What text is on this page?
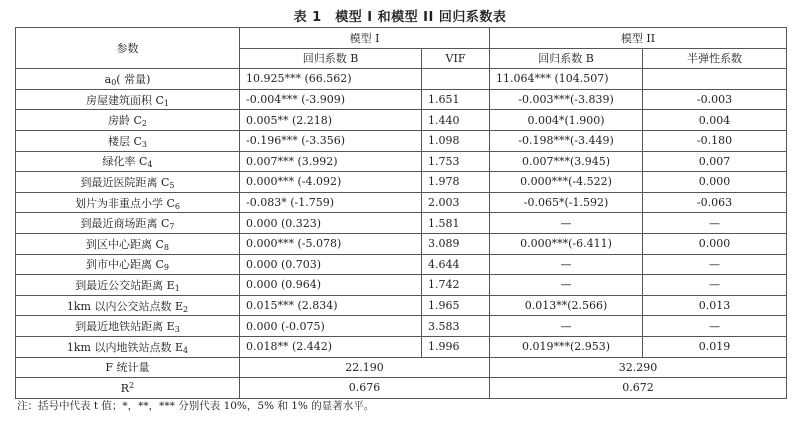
表 1　模型 I 和模型 II 回归系数表
参数	模型 I		模型 II	
	回归系数 B	VIF	回归系数 B	半弹性系数
$a_0$( 常量)	10.925*** (66.562)		11.064*** (104.507)	
房屋建筑面积 $C_1$	-0.004*** (-3.909)	1.651	-0.003***(-3.839)	-0.003
房龄 $C_2$	0.005** (2.218)	1.440	0.004*(1.900)	0.004
楼层 $C_3$	-0.196*** (-3.356)	1.098	-0.198***(-3.449)	-0.180
绿化率 $C_4$	0.007*** (3.992)	1.753	0.007***(3.945)	0.007
到最近医院距离 $C_5$	0.000*** (-4.092)	1.978	0.000***(-4.522)	0.000
划片为非重点小学 $C_6$	-0.083* (-1.759)	2.003	-0.065*(-1.592)	-0.063
到最近商场距离 $C_7$	0.000 (0.323)	1.581	—	—
到区中心距离 $C_8$	0.000*** (-5.078)	3.089	0.000***(-6.411)	0.000
到市中心距离 $C_9$	0.000 (0.703)	4.644	—	—
到最近公交站距离 $E_1$	0.000 (0.964)	1.742	—	—
1km 以内公交站点数 $E_2$	0.015*** (2.834)	1.965	0.013**(2.566)	0.013
到最近地铁站距离 $E_3$	0.000 (-0.075)	3.583	—	—
1km 以内地铁站点数 $E_4$	0.018** (2.442)	1.996	0.019***(2.953)	0.019
F 统计量	22.190		32.290	
$R^2$	0.676		0.672	
注：括号中代表 t 值；*，**，*** 分别代表 10%，5% 和 1% 的显著水平。
